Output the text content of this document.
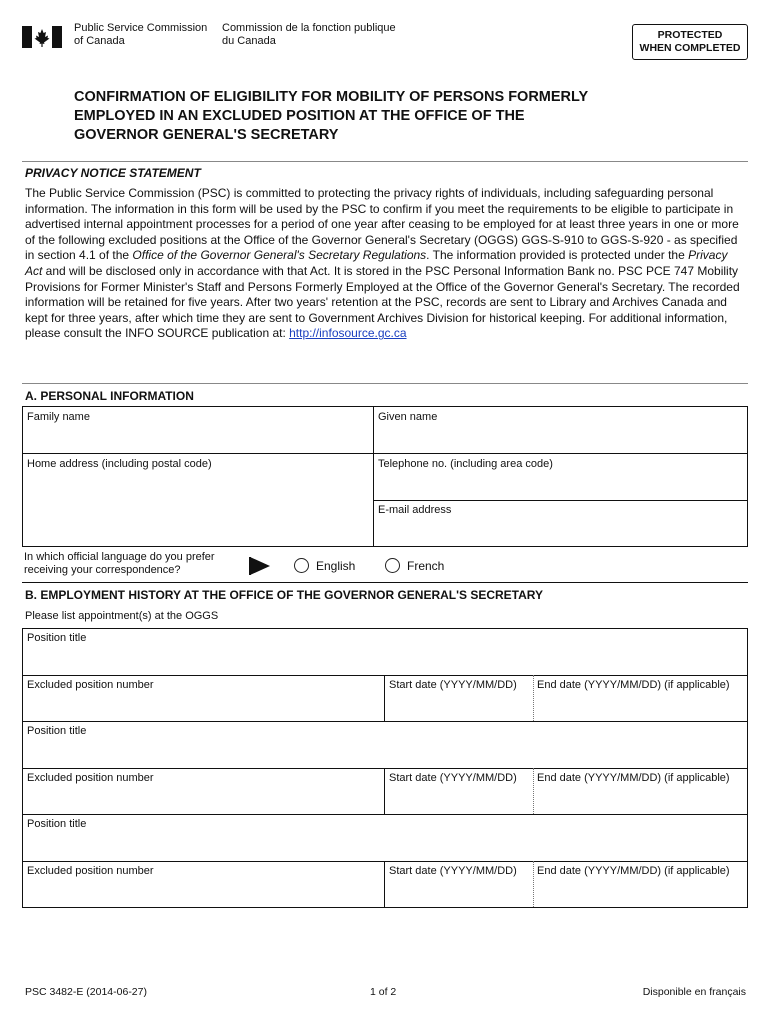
Public Service Commission
of Canada
Commission de la fonction publique
du Canada	PROTECTED
WHEN COMPLETED
CONFIRMATION OF ELIGIBILITY FOR MOBILITY OF PERSONS FORMERLY
EMPLOYED IN AN EXCLUDED POSITION AT THE OFFICE OF THE
GOVERNOR GENERAL'S SECRETARY
PRIVACY NOTICE STATEMENT
The Public Service Commission (PSC) is committed to protecting the privacy rights of individuals, including safeguarding personal information. The information in this form will be used by the PSC to confirm if you meet the requirements to be eligible to participate in advertised internal appointment processes for a period of one year after ceasing to be employed for at least three years in one or more of the following excluded positions at the Office of the Governor General's Secretary (OGGS) GGS-S-910 to GGS-S-920 - as specified in section 4.1 of the Office of the Governor General's Secretary Regulations. The information provided is protected under the Privacy Act and will be disclosed only in accordance with that Act. It is stored in the PSC Personal Information Bank no. PSC PCE 747 Mobility Provisions for Former Minister's Staff and Persons Formerly Employed at the Office of the Governor General's Secretary. The recorded information will be retained for five years. After two years' retention at the PSC, records are sent to Library and Archives Canada and kept for three years, after which time they are sent to Government Archives Division for historical keeping. For additional information, please consult the INFO SOURCE publication at: http://infosource.gc.ca
A. PERSONAL INFORMATION
Family name	Given name
Home address (including postal code)	Telephone no. (including area code)
E-mail address
In which official language do you prefer
receiving your correspondence?	English	French
B. EMPLOYMENT HISTORY AT THE OFFICE OF THE GOVERNOR GENERAL'S SECRETARY
Please list appointment(s) at the OGGS
Position title
Excluded position number	Start date (YYYY/MM/DD) End date (YYYY/MM/DD) (if applicable)
Position title
Excluded position number	Start date (YYYY/MM/DD) End date (YYYY/MM/DD) (if applicable)
Position title
Excluded position number	Start date (YYYY/MM/DD) End date (YYYY/MM/DD) (if applicable)
PSC 3482-E (2014-06-27)	1 of 2	Disponible en français
